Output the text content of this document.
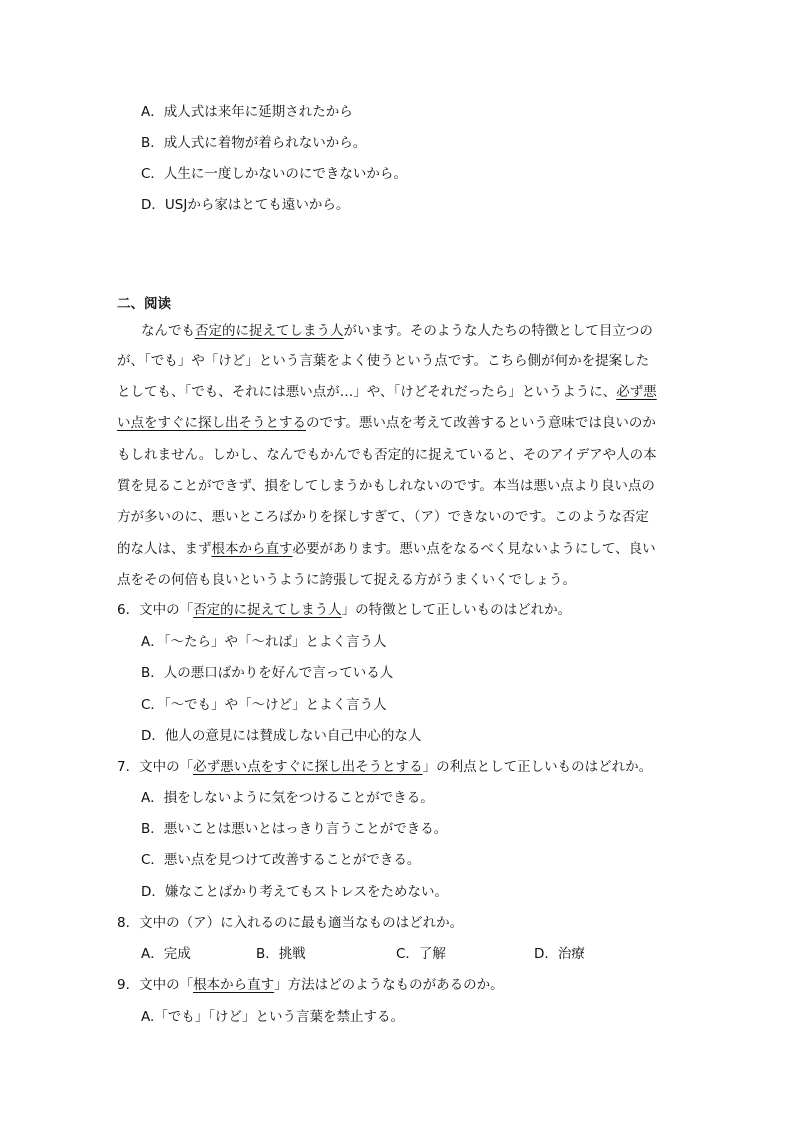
A．成人式は来年に延期されたから
B．成人式に着物が着られないから。
C．人生に一度しかないのにできないから。
D．USJから家はとても遠いから。
二、阅读
なんでも否定的に捉えてしまう人がいます。そのような人たちの特徴として目立つの
が、「でも」や「けど」という言葉をよく使うという点です。こちら側が何かを提案した
としても、「でも、それには悪い点が…」や、「けどそれだったら」というように、必ず悪
い点をすぐに探し出そうとするのです。悪い点を考えて改善するという意味では良いのか
もしれません。しかし、なんでもかんでも否定的に捉えていると、そのアイデアや人の本
質を見ることができず、損をしてしまうかもしれないのです。本当は悪い点より良い点の
方が多いのに、悪いところばかりを探しすぎて、（ア）できないのです。このような否定
的な人は、まず根本から直す必要があります。悪い点をなるべく見ないようにして、良い
点をその何倍も良いというように誇張して捉える方がうまくいくでしょう。
6．文中の「否定的に捉えてしまう人」の特徴として正しいものはどれか。
A．「～たら」や「～れば」とよく言う人
B．人の悪口ばかりを好んで言っている人
C．「～でも」や「～けど」とよく言う人
D．他人の意見には賛成しない自己中心的な人
7．文中の「必ず悪い点をすぐに探し出そうとする」の利点として正しいものはどれか。
A．損をしないように気をつけることができる。
B．悪いことは悪いとはっきり言うことができる。
C．悪い点を見つけて改善することができる。
D．嫌なことばかり考えてもストレスをためない。
8．文中の（ア）に入れるのに最も適当なものはどれか。
A．完成	B．挑戦	C．了解	D．治療
9．文中の「根本から直す」方法はどのようなものがあるのか。
A.「でも」「けど」という言葉を禁止する。
